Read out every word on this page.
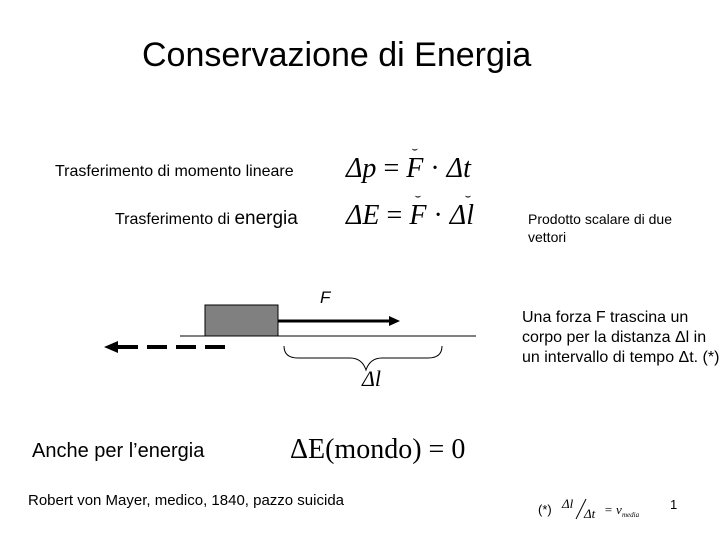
Conservazione di Energia
Trasferimento di momento lineare
Trasferimento di energia
Δp =
⌣
F · Δt
ΔE =
⌣
F ·
⌣
Δl	Prodotto scalare di due vettori
F
Δl
Una forza F trascina un corpo per la distanza Δl in un intervallo di tempo Δt. (*)
Anche per l’energia	ΔE(mondo) = 0
Robert von Mayer, medico, 1840, pazzo suicida
(*) Δl
Δt = v media
1
